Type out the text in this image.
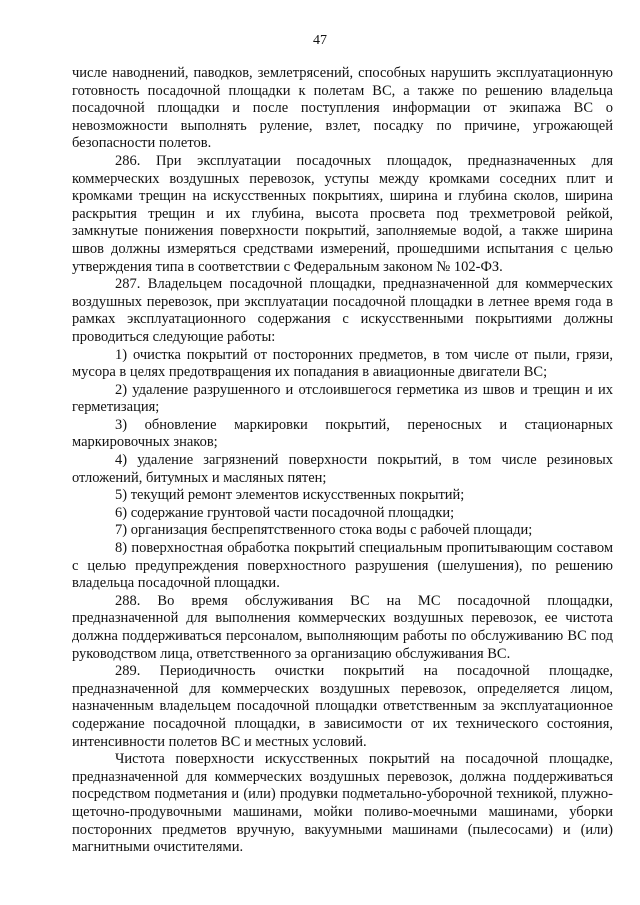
47

числе наводнений, паводков, землетрясений, способных нарушить эксплуатационную готовность посадочной площадки к полетам ВС, а также по решению владельца посадочной площадки и после поступления информации от экипажа ВС о невозможности выполнять руление, взлет, посадку по причине, угрожающей безопасности полетов.

286. При эксплуатации посадочных площадок, предназначенных для коммерческих воздушных перевозок, уступы между кромками соседних плит и кромками трещин на искусственных покрытиях, ширина и глубина сколов, ширина раскрытия трещин и их глубина, высота просвета под трехметровой рейкой, замкнутые понижения поверхности покрытий, заполняемые водой, а также ширина швов должны измеряться средствами измерений, прошедшими испытания с целью утверждения типа в соответствии с Федеральным законом № 102-ФЗ.

287. Владельцем посадочной площадки, предназначенной для коммерческих воздушных перевозок, при эксплуатации посадочной площадки в летнее время года в рамках эксплуатационного содержания с искусственными покрытиями должны проводиться следующие работы:

1) очистка покрытий от посторонних предметов, в том числе от пыли, грязи, мусора в целях предотвращения их попадания в авиационные двигатели ВС;

2) удаление разрушенного и отслоившегося герметика из швов и трещин и их герметизация;

3) обновление маркировки покрытий, переносных и стационарных маркировочных знаков;

4) удаление загрязнений поверхности покрытий, в том числе резиновых отложений, битумных и масляных пятен;

5) текущий ремонт элементов искусственных покрытий;

6) содержание грунтовой части посадочной площадки;

7) организация беспрепятственного стока воды с рабочей площади;

8) поверхностная обработка покрытий специальным пропитывающим составом с целью предупреждения поверхностного разрушения (шелушения), по решению владельца посадочной площадки.

288. Во время обслуживания ВС на МС посадочной площадки, предназначенной для выполнения коммерческих воздушных перевозок, ее чистота должна поддерживаться персоналом, выполняющим работы по обслуживанию ВС под руководством лица, ответственного за организацию обслуживания ВС.

289. Периодичность очистки покрытий на посадочной площадке, предназначенной для коммерческих воздушных перевозок, определяется лицом, назначенным владельцем посадочной площадки ответственным за эксплуатационное содержание посадочной площадки, в зависимости от их технического состояния, интенсивности полетов ВС и местных условий.

Чистота поверхности искусственных покрытий на посадочной площадке, предназначенной для коммерческих воздушных перевозок, должна поддерживаться посредством подметания и (или) продувки подметально-уборочной техникой, плужно-щеточно-продувочными машинами, мойки поливо-моечными машинами, уборки посторонних предметов вручную, вакуумными машинами (пылесосами) и (или) магнитными очистителями.
